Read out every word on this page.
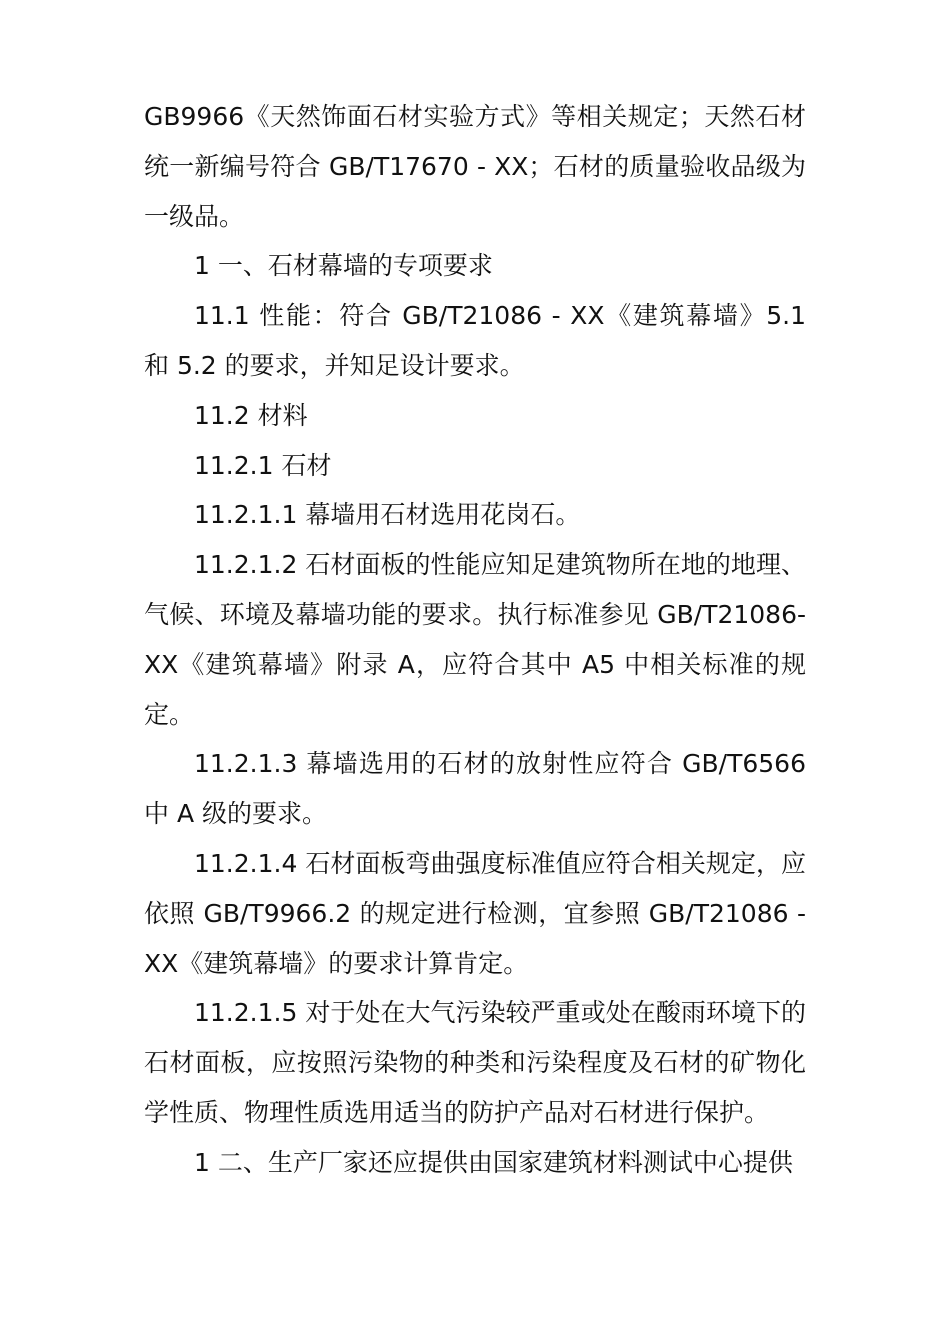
GB9966《天然饰面石材实验方式》等相关规定；天然石材统一新编号符合 GB/T17670 - XX；石材的质量验收品级为一级品。

1 一、石材幕墙的专项要求

11.1 性能：符合 GB/T21086 - XX《建筑幕墙》5.1 和 5.2 的要求，并知足设计要求。

11.2 材料

11.2.1 石材

11.2.1.1 幕墙用石材选用花岗石。

11.2.1.2 石材面板的性能应知足建筑物所在地的地理、气候、环境及幕墙功能的要求。执行标准参见 GB/T21086-XX《建筑幕墙》附录 A，应符合其中 A5 中相关标准的规定。

11.2.1.3 幕墙选用的石材的放射性应符合 GB/T6566 中 A 级的要求。

11.2.1.4 石材面板弯曲强度标准值应符合相关规定，应依照 GB/T9966.2 的规定进行检测，宜参照 GB/T21086 - XX《建筑幕墙》的要求计算肯定。

11.2.1.5 对于处在大气污染较严重或处在酸雨环境下的石材面板，应按照污染物的种类和污染程度及石材的矿物化学性质、物理性质选用适当的防护产品对石材进行保护。

1 二、生产厂家还应提供由国家建筑材料测试中心提供
